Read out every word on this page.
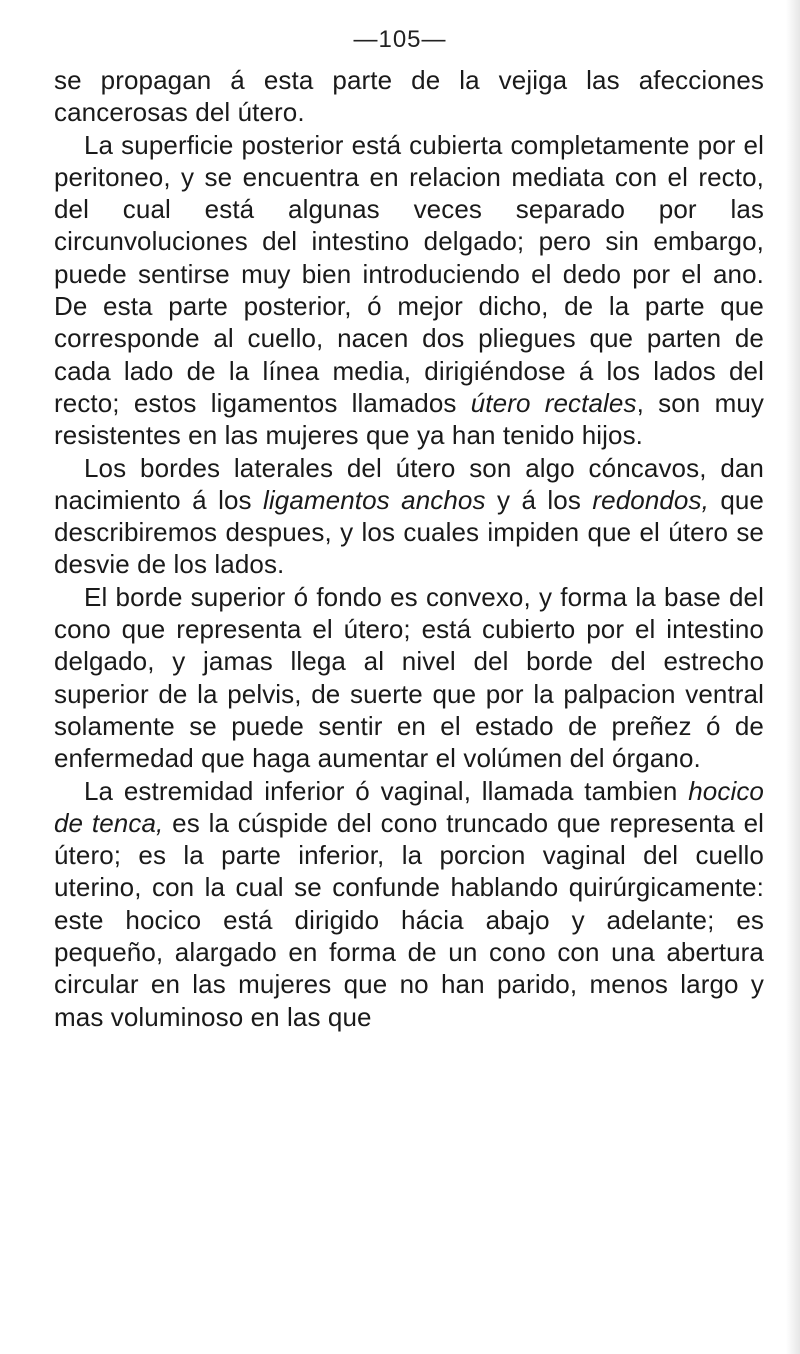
—105—

se propagan á esta parte de la vejiga las afecciones cancerosas del útero.

La superficie posterior está cubierta completamente por el peritoneo, y se encuentra en relacion mediata con el recto, del cual está algunas veces separado por las circunvoluciones del intestino delgado; pero sin embargo, puede sentirse muy bien introduciendo el dedo por el ano. De esta parte posterior, ó mejor dicho, de la parte que corresponde al cuello, nacen dos pliegues que parten de cada lado de la línea media, dirigiéndose á los lados del recto; estos ligamentos llamados útero rectales, son muy resistentes en las mujeres que ya han tenido hijos.

Los bordes laterales del útero son algo cóncavos, dan nacimiento á los ligamentos anchos y á los redondos, que describiremos despues, y los cuales impiden que el útero se desvie de los lados.

El borde superior ó fondo es convexo, y forma la base del cono que representa el útero; está cubierto por el intestino delgado, y jamas llega al nivel del borde del estrecho superior de la pelvis, de suerte que por la palpacion ventral solamente se puede sentir en el estado de preñez ó de enfermedad que haga aumentar el volúmen del órgano.

La estremidad inferior ó vaginal, llamada tambien hocico de tenca, es la cúspide del cono truncado que representa el útero; es la parte inferior, la porcion vaginal del cuello uterino, con la cual se confunde hablando quirúrgicamente: este hocico está dirigido hácia abajo y adelante; es pequeño, alargado en forma de un cono con una abertura circular en las mujeres que no han parido, menos largo y mas voluminoso en las que
